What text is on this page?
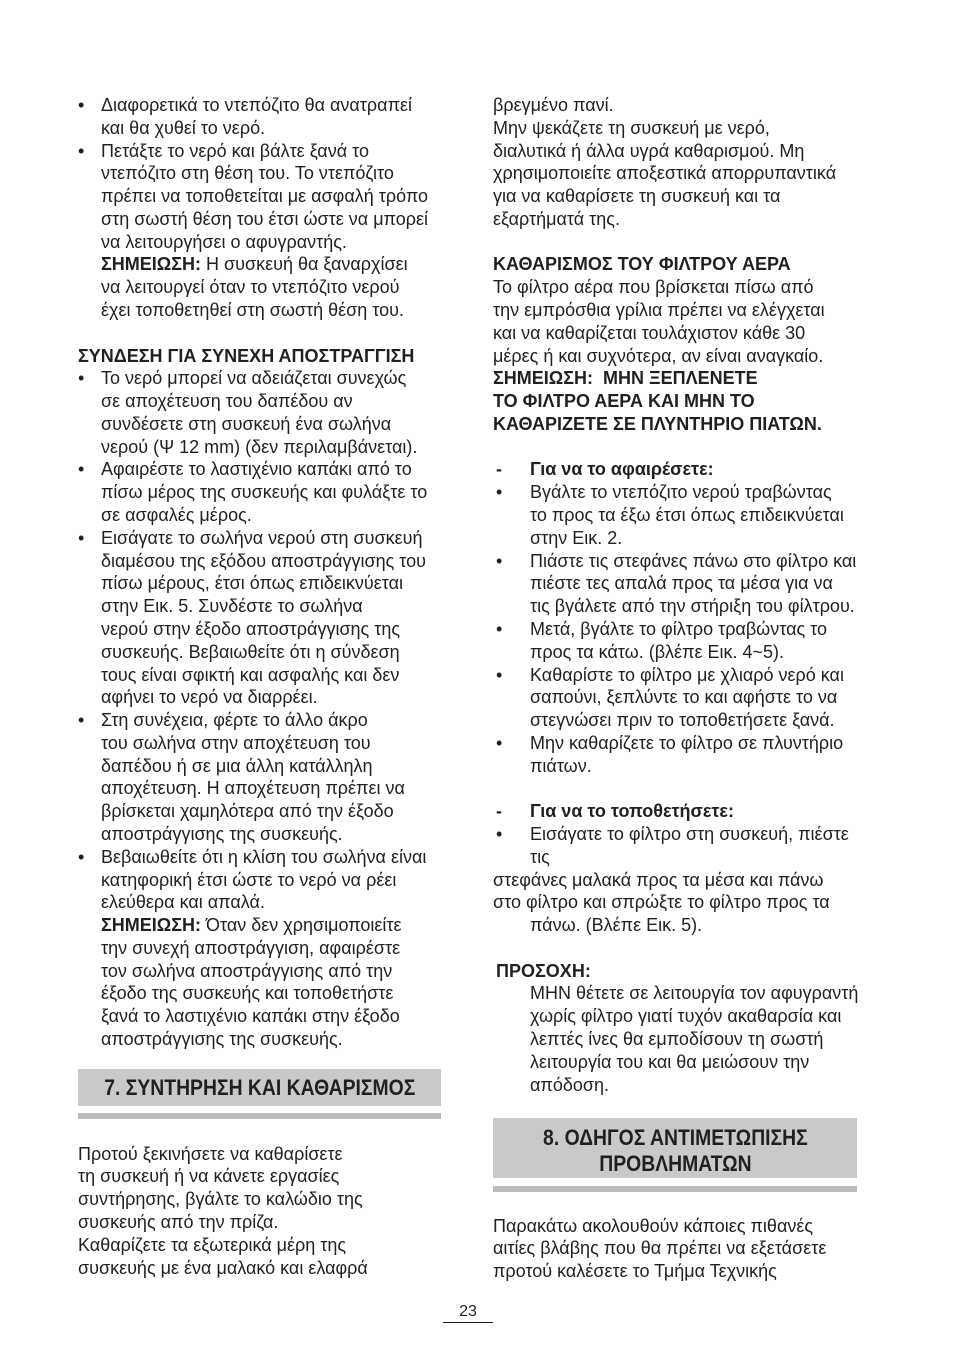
• Διαφορετικά το ντεπόζιτο θα ανατραπεί
και θα χυθεί το νερό.
• Πετάξτε το νερό και βάλτε ξανά το
ντεπόζιτο στη θέση του. Το ντεπόζιτο
πρέπει να τοποθετείται με ασφαλή τρόπο
στη σωστή θέση του έτσι ώστε να μπορεί
να λειτουργήσει ο αφυγραντής.
ΣΗΜΕΙΩΣΗ: Η συσκευή θα ξαναρχίσει
να λειτουργεί όταν το ντεπόζιτο νερού
έχει τοποθετηθεί στη σωστή θέση του.
ΣΥΝΔΕΣΗ ΓΙΑ ΣΥΝΕΧΗ ΑΠΟΣΤΡΑΓΓΙΣΗ
• Το νερό μπορεί να αδειάζεται συνεχώς
σε αποχέτευση του δαπέδου αν
συνδέσετε στη συσκευή ένα σωλήνα
νερού (Ψ 12 mm) (δεν περιλαμβάνεται).
• Αφαιρέστε το λαστιχένιο καπάκι από το
πίσω μέρος της συσκευής και φυλάξτε το
σε ασφαλές μέρος.
• Εισάγατε το σωλήνα νερού στη συσκευή
διαμέσου της εξόδου αποστράγγισης του
πίσω μέρους, έτσι όπως επιδεικνύεται
στην Εικ. 5. Συνδέστε το σωλήνα
νερού στην έξοδο αποστράγγισης της
συσκευής. Βεβαιωθείτε ότι η σύνδεση
τους είναι σφικτή και ασφαλής και δεν
αφήνει το νερό να διαρρέει.
• Στη συνέχεια, φέρτε το άλλο άκρο
του σωλήνα στην αποχέτευση του
δαπέδου ή σε μια άλλη κατάλληλη
αποχέτευση. Η αποχέτευση πρέπει να
βρίσκεται χαμηλότερα από την έξοδο
αποστράγγισης της συσκευής.
• Βεβαιωθείτε ότι η κλίση του σωλήνα είναι
κατηφορική έτσι ώστε το νερό να ρέει
ελεύθερα και απαλά.
ΣΗΜΕΙΩΣΗ: Όταν δεν χρησιμοποιείτε
την συνεχή αποστράγγιση, αφαιρέστε
τον σωλήνα αποστράγγισης από την
έξοδο της συσκευής και τοποθετήστε
ξανά το λαστιχένιο καπάκι στην έξοδο
αποστράγγισης της συσκευής.
7. ΣΥΝΤΗΡΗΣΗ ΚΑΙ ΚΑΘΑΡΙΣΜΟΣ
Προτού ξεκινήσετε να καθαρίσετε
τη συσκευή ή να κάνετε εργασίες
συντήρησης, βγάλτε το καλώδιο της
συσκευής από την πρίζα.
Καθαρίζετε τα εξωτερικά μέρη της
συσκευής με ένα μαλακό και ελαφρά
βρεγμένο πανί.
Μην ψεκάζετε τη συσκευή με νερό,
διαλυτικά ή άλλα υγρά καθαρισμού. Μη
χρησιμοποιείτε αποξεστικά απορρυπαντικά
για να καθαρίσετε τη συσκευή και τα
εξαρτήματά της.
ΚΑΘΑΡΙΣΜΟΣ ΤΟΥ ΦΙΛΤΡΟΥ ΑΕΡΑ
Το φίλτρο αέρα που βρίσκεται πίσω από
την εμπρόσθια γρίλια πρέπει να ελέγχεται
και να καθαρίζεται τουλάχιστον κάθε 30
μέρες ή και συχνότερα, αν είναι αναγκαίο.
ΣΗΜΕΙΩΣΗ:  ΜΗΝ ΞΕΠΛΕΝΕΤΕ
ΤΟ ΦΙΛΤΡΟ ΑΕΡΑ ΚΑΙ ΜΗΝ ΤΟ
ΚΑΘΑΡΙΖΕΤΕ ΣΕ ΠΛΥΝΤΗΡΙΟ ΠΙΑΤΩΝ.
- Για να το αφαιρέσετε:
• Βγάλτε το ντεπόζιτο νερού τραβώντας
το προς τα έξω έτσι όπως επιδεικνύεται
στην Εικ. 2.
• Πιάστε τις στεφάνες πάνω στο φίλτρο και
πιέστε τες απαλά προς τα μέσα για να
τις βγάλετε από την στήριξη του φίλτρου.
• Μετά, βγάλτε το φίλτρο τραβώντας το
προς τα κάτω. (βλέπε Εικ. 4~5).
• Καθαρίστε το φίλτρο με χλιαρό νερό και
σαπούνι, ξεπλύντε το και αφήστε το να
στεγνώσει πριν το τοποθετήσετε ξανά.
• Μην καθαρίζετε το φίλτρο σε πλυντήριο
πιάτων.
- Για να το τοποθετήσετε:
• Εισάγατε το φίλτρο στη συσκευή, πιέστε
τις
στεφάνες μαλακά προς τα μέσα και πάνω
στο φίλτρο και σπρώξτε το φίλτρο προς τα
πάνω. (Βλέπε Εικ. 5).
ΠΡΟΣΟΧΗ:
ΜΗΝ θέτετε σε λειτουργία τον αφυγραντή
χωρίς φίλτρο γιατί τυχόν ακαθαρσία και
λεπτές ίνες θα εμποδίσουν τη σωστή
λειτουργία του και θα μειώσουν την
απόδοση.
8. ΟΔΗΓΟΣ ΑΝΤΙΜΕΤΩΠΙΣΗΣ
ΠΡΟΒΛΗΜΑΤΩΝ
Παρακάτω ακολουθούν κάποιες πιθανές
αιτίες βλάβης που θα πρέπει να εξετάσετε
προτού καλέσετε το Τμήμα Τεχνικής
23
